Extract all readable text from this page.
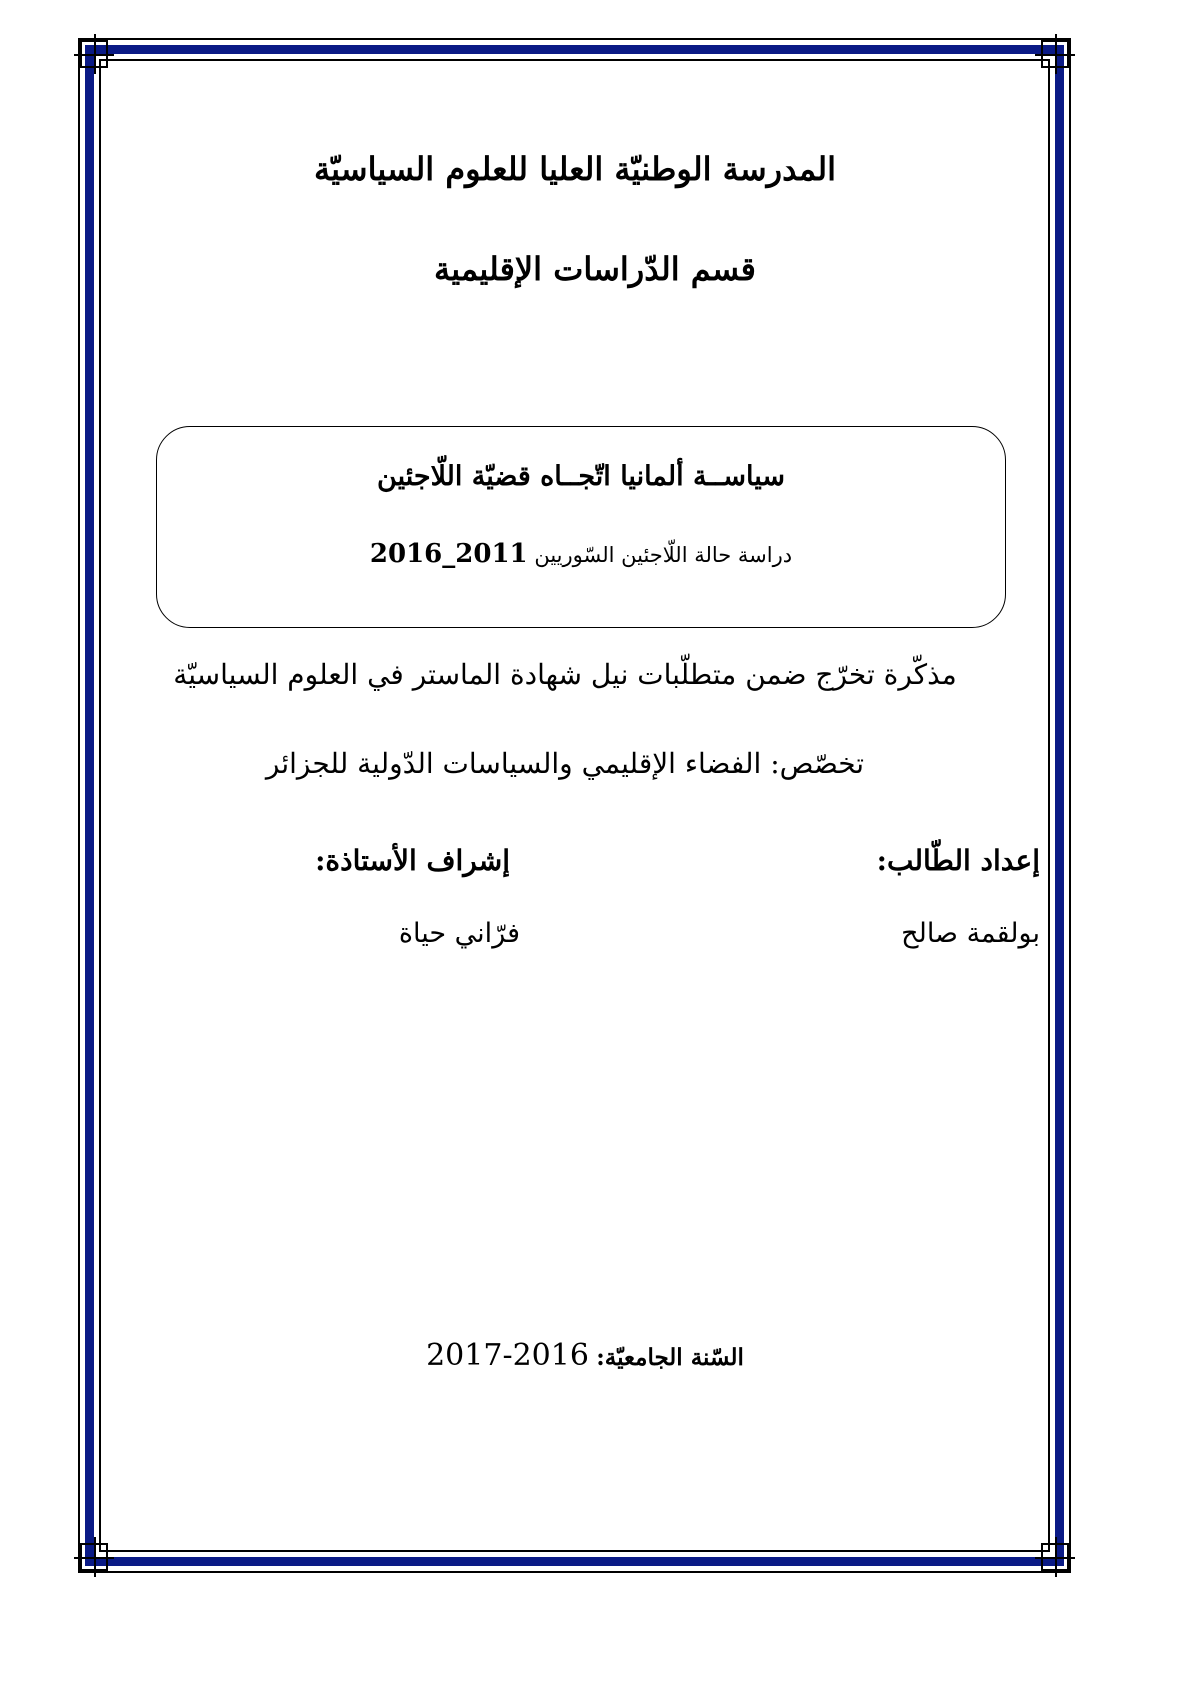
المدرسة الوطنيّة العليا للعلوم السياسيّة
قسم الدّراسات الإقليمية
سياســة ألمانيا اتّجــاه قضيّة اللّاجئين
دراسة حالة اللّاجئين السّوريين 2011_2016
مذكّرة تخرّج ضمن متطلّبات نيل شهادة الماستر في العلوم السياسيّة
تخصّص: الفضاء الإقليمي والسياسات الدّولية للجزائر
إعداد الطّالب:
إشراف الأستاذة:
بولقمة صالح
فرّاني حياة
السّنة الجامعيّة: 2016-2017
